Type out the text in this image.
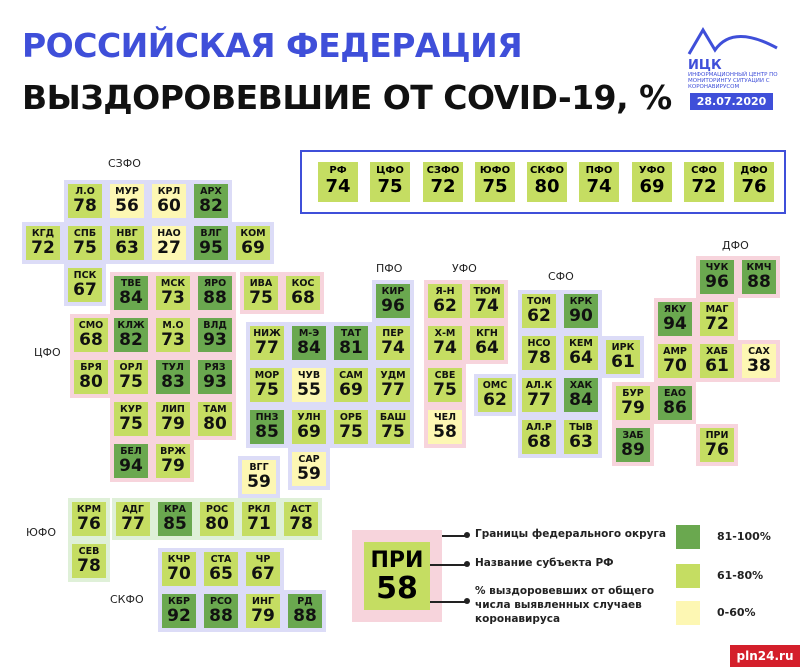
РОССИЙСКАЯ ФЕДЕРАЦИЯ
ВЫЗДОРОВЕВШИЕ ОТ COVID-19, %
ИЦК
ИНФОРМАЦИОННЫЙ ЦЕНТР ПО МОНИТОРИНГУ СИТУАЦИИ С КОРОНАВИРУСОМ
28.07.2020
РФ
74
ЦФО
75
СЗФО
72
ЮФО
75
СКФО
80
ПФО
74
УФО
69
СФО
72
ДФО
76
Л.О
78
МУР
56
КРЛ
60
АРХ
82
КГД
72
СПБ
75
НВГ
63
НАО
27
ВЛГ
95
КОМ
69
ПСК
67	ТВЕ
84
МСК
73
ЯРО
88
ИВА
75
КОС
68
СМО
68
КЛЖ
82
М.О
73
ВЛД
93
БРЯ
80
ОРЛ
75
ТУЛ
83
РЯЗ
93
КУР
75
ЛИП
79
ТАМ
80
БЕЛ
94
ВРЖ
79
КИР
96
НИЖ
77
М-Э
84
ТАТ
81
ПЕР
74
МОР
75
ЧУВ
55
САМ
69
УДМ
77
ПНЗ
85
УЛН
69
ОРБ
75
БАШ
75
Я-Н
62
ТЮМ
74
Х-М
74
КГН
64
СВЕ
75
ЧЕЛ
58
ТОМ
62
КРК
90
НСО
78
КЕМ
64
ИРК
61
ОМС
62
АЛ.К
77
ХАК
84
АЛ.Р
68
ТЫВ
63
ЧУК
96
КМЧ
88
ЯКУ
94
МАГ
72
АМР
70
ХАБ
61
САХ
38
БУР
79
ЕАО
86
ЗАБ
89
ПРИ
76
ВГГ
59
САР
59
КРМ
76
АДГ
77
КРА
85
РОС
80
РКЛ
71
АСТ
78
СЕВ
78	КЧР
70
СТА
65
ЧР
67
КБР
92
РСО
88
ИНГ
79
РД
88
ПРИ
58
Границы федерального округа
Название субъекта РФ
% выздоровевших от общего
числа выявленных случаев
коронавируса
81-100%
61-80%
0-60%
pln24.ru
СЗФО
ЦФО
ПФО	УФО
СФО
ДФО
ЮФО
СКФО
